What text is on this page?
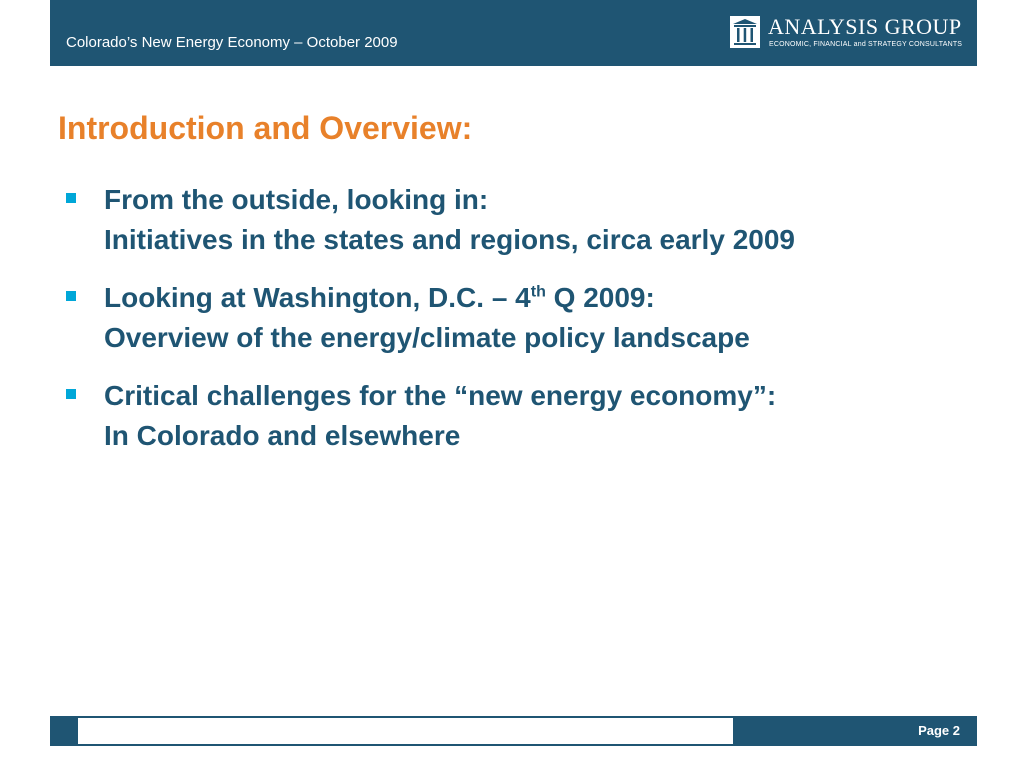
Colorado’s New Energy Economy – October 2009
ANALYSIS GROUP
ECONOMIC, FINANCIAL and STRATEGY CONSULTANTS
Introduction and Overview:
From the outside, looking in:
Initiatives in the states and regions, circa early 2009
Looking at Washington, D.C. – 4th Q 2009:
Overview of the energy/climate policy landscape
Critical challenges for the “new energy economy”:
In Colorado and elsewhere
Page 2
